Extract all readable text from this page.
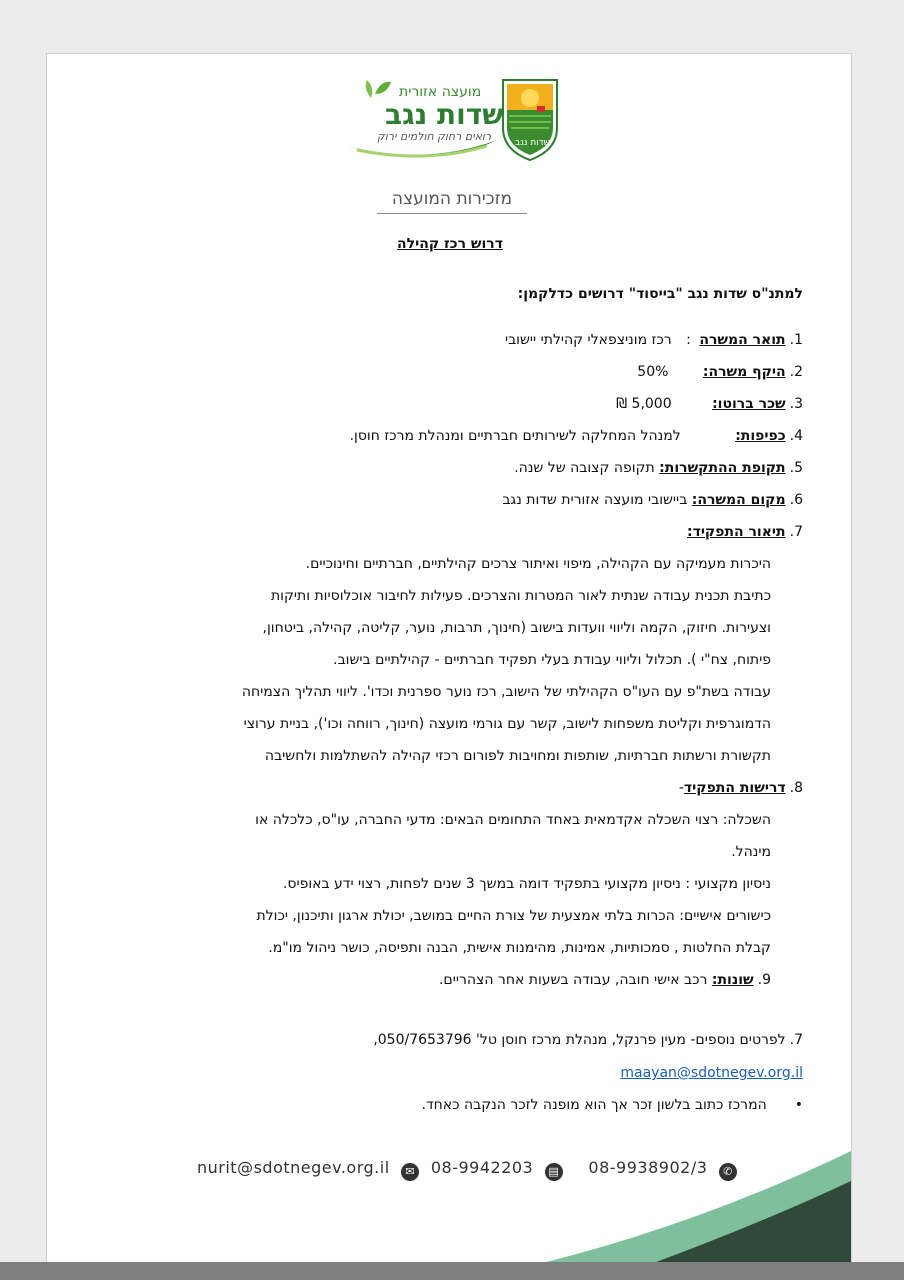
מועצה אזורית
שדות נגב
רואים רחוק חולמים ירוק	שדות נגב
מזכירות המועצה
דרוש רכז קהילה
למתנ"ס שדות נגב "בייסוד" דרושים כדלקמן:
1.תואר המשרה : רכז מוניצפאלי קהילתי יישובי
2.היקף משרה: 50%
3.שכר ברוטו: 5,000 ₪
4.כפיפות: למנהל המחלקה לשירותים חברתיים ומנהלת מרכז חוסן.
5.תקופת ההתקשרות: תקופה קצובה של שנה.
6.מקום המשרה: ביישובי מועצה אזורית שדות נגב
7.תיאור התפקיד:
היכרות מעמיקה עם הקהילה, מיפוי ואיתור צרכים קהילתיים, חברתיים וחינוכיים.
כתיבת תכנית עבודה שנתית לאור המטרות והצרכים. פעילות לחיבור אוכלוסיות ותיקות
וצעירות. חיזוק, הקמה וליווי וועדות בישוב (חינוך, תרבות, נוער, קליטה, קהילה, ביטחון,
פיתוח, צח"י ). תכלול וליווי עבודת בעלי תפקיד חברתיים - קהילתיים בישוב.
עבודה בשת"פ עם העו"ס הקהילתי של הישוב, רכז נוער ספרנית וכדו'. ליווי תהליך הצמיחה
הדמוגרפית וקליטת משפחות לישוב, קשר עם גורמי מועצה (חינוך, רווחה וכו'), בניית ערוצי
תקשורת ורשתות חברתיות, שותפות ומחויבות לפורום רכזי קהילה להשתלמות ולחשיבה
8.דרישות התפקיד-
השכלה: רצוי השכלה אקדמאית באחד התחומים הבאים: מדעי החברה, עו"ס, כלכלה או
מינהל.
ניסיון מקצועי : ניסיון מקצועי בתפקיד דומה במשך 3 שנים לפחות, רצוי ידע באופיס.
כישורים אישיים: הכרות בלתי אמצעית של צורת החיים במושב, יכולת ארגון ותיכנון, יכולת
קבלת החלטות , סמכותיות, אמינות, מהימנות אישית, הבנה ותפיסה, כושר ניהול מו"מ.
9.שונות: רכב אישי חובה, עבודה בשעות אחר הצהריים.
7.לפרטים נוספים- מעין פרנקל, מנהלת מרכז חוסן טל' 050/7653796,
maayan@sdotnegev.org.il
•המרכז כתוב בלשון זכר אך הוא מופנה לזכר הנקבה כאחד.
nurit@sdotnegev.org.il ✉ 08-9942203 ▤ 08-9938902/3 ✆
